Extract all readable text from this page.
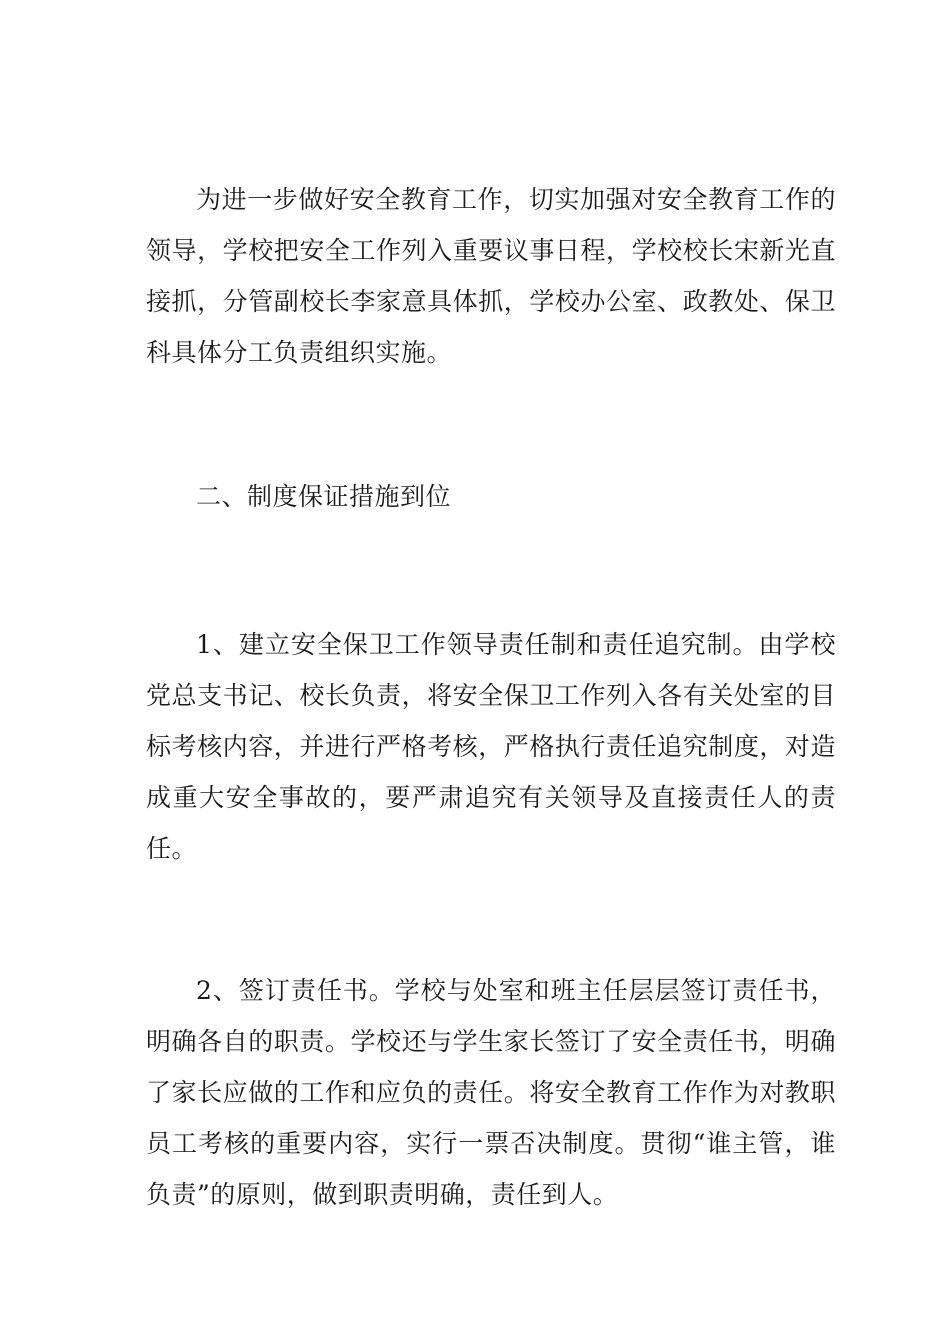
为进一步做好安全教育工作，切实加强对安全教育工作的领导，学校把安全工作列入重要议事日程，学校校长宋新光直接抓，分管副校长李家意具体抓，学校办公室、政教处、保卫科具体分工负责组织实施。

二、制度保证措施到位

1、建立安全保卫工作领导责任制和责任追究制。由学校党总支书记、校长负责，将安全保卫工作列入各有关处室的目标考核内容，并进行严格考核，严格执行责任追究制度，对造成重大安全事故的，要严肃追究有关领导及直接责任人的责任。

2、签订责任书。学校与处室和班主任层层签订责任书，明确各自的职责。学校还与学生家长签订了安全责任书，明确了家长应做的工作和应负的责任。将安全教育工作作为对教职员工考核的重要内容，实行一票否决制度。贯彻“谁主管，谁负责”的原则，做到职责明确，责任到人。
